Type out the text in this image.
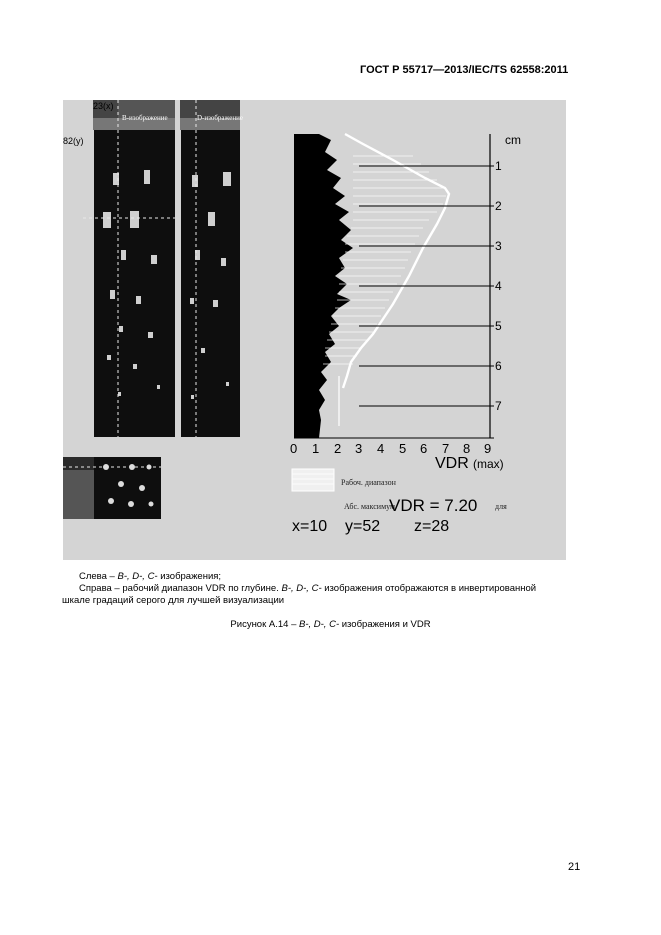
ГОСТ Р 55717—2013/IEC/TS 62558:2011
B-изображение
23(x)
82(y)
D-изображение
cm
1
2
3
4
5
6
7
0 1 2 3 4 5 6 7 8 9
VDR (max)
Рабоч. диапазон
Абс. максимум
VDR = 7.20 для
x=10 y=52 z=28

Слева – B-, D-, C- изображения;

Справа – рабочий диапазон VDR по глубине. B-, D-, C- изображения отображаются в инвертированной

шкале градаций серого для лучшей визуализации

Рисунок А.14 – B-, D-, C- изображения и VDR
21
